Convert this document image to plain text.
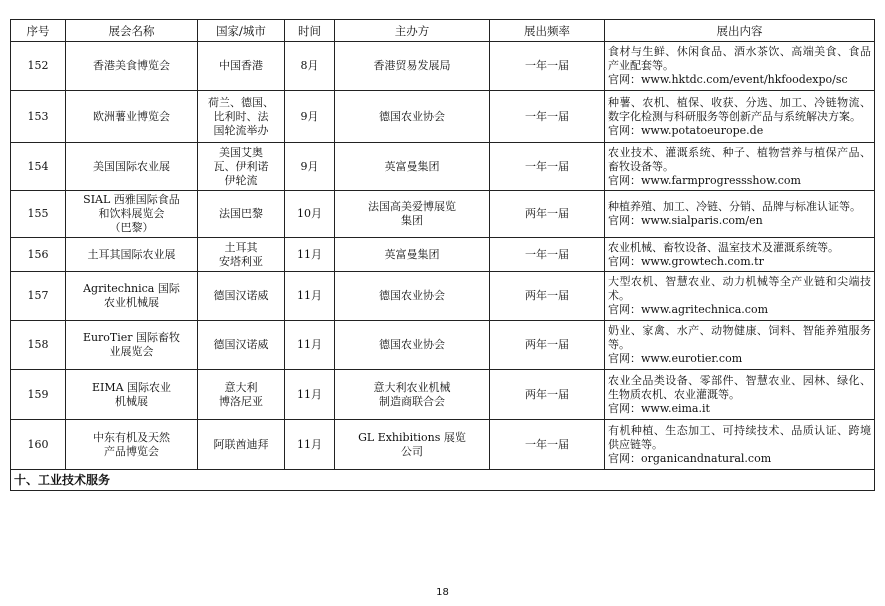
序号	展会名称	国家/城市	时间	主办方	展出频率	展出内容
152	香港美食博览会	中国香港	8月	香港贸易发展局	一年一届	食材与生鲜、休闲食品、酒水茶饮、高端美食、食品产业配套等。
官网：www.hktdc.com/event/hkfoodexpo/sc

153	欧洲薯业博览会	荷兰、德国、
比利时、法
国轮流举办	9月	德国农业协会	一年一届	种薯、农机、植保、收获、分选、加工、冷链物流、数字化检测与科研服务等创新产品与系统解决方案。
官网：www.potatoeurope.de

154	美国国际农业展	美国艾奥
瓦、伊利诺
伊轮流	9月	英富曼集团	一年一届	农业技术、灌溉系统、种子、植物营养与植保产品、畜牧设备等。
官网：www.farmprogressshow.com

155	SIAL 西雅国际食品
和饮料展览会
（巴黎）	法国巴黎	10月	法国高美爱博展览
集团	两年一届	种植养殖、加工、冷链、分销、品牌与标准认证等。
官网：www.sialparis.com/en

156	土耳其国际农业展	土耳其
安塔利亚	11月	英富曼集团	一年一届	农业机械、畜牧设备、温室技术及灌溉系统等。
官网：www.growtech.com.tr

157	Agritechnica 国际
农业机械展	德国汉诺威	11月	德国农业协会	两年一届	大型农机、智慧农业、动力机械等全产业链和尖端技术。
官网：www.agritechnica.com

158	EuroTier 国际畜牧
业展览会	德国汉诺威	11月	德国农业协会	两年一届	奶业、家禽、水产、动物健康、饲料、智能养殖服务等。
官网：www.eurotier.com

159	EIMA 国际农业
机械展	意大利
博洛尼亚	11月	意大利农业机械
制造商联合会	两年一届	农业全品类设备、零部件、智慧农业、园林、绿化、生物质农机、农业灌溉等。
官网：www.eima.it

160	中东有机及天然
产品博览会	阿联酋迪拜	11月	GL Exhibitions 展览
公司	一年一届	有机种植、生态加工、可持续技术、品质认证、跨境供应链等。
官网：organicandnatural.com

十、工业技术服务						
18
